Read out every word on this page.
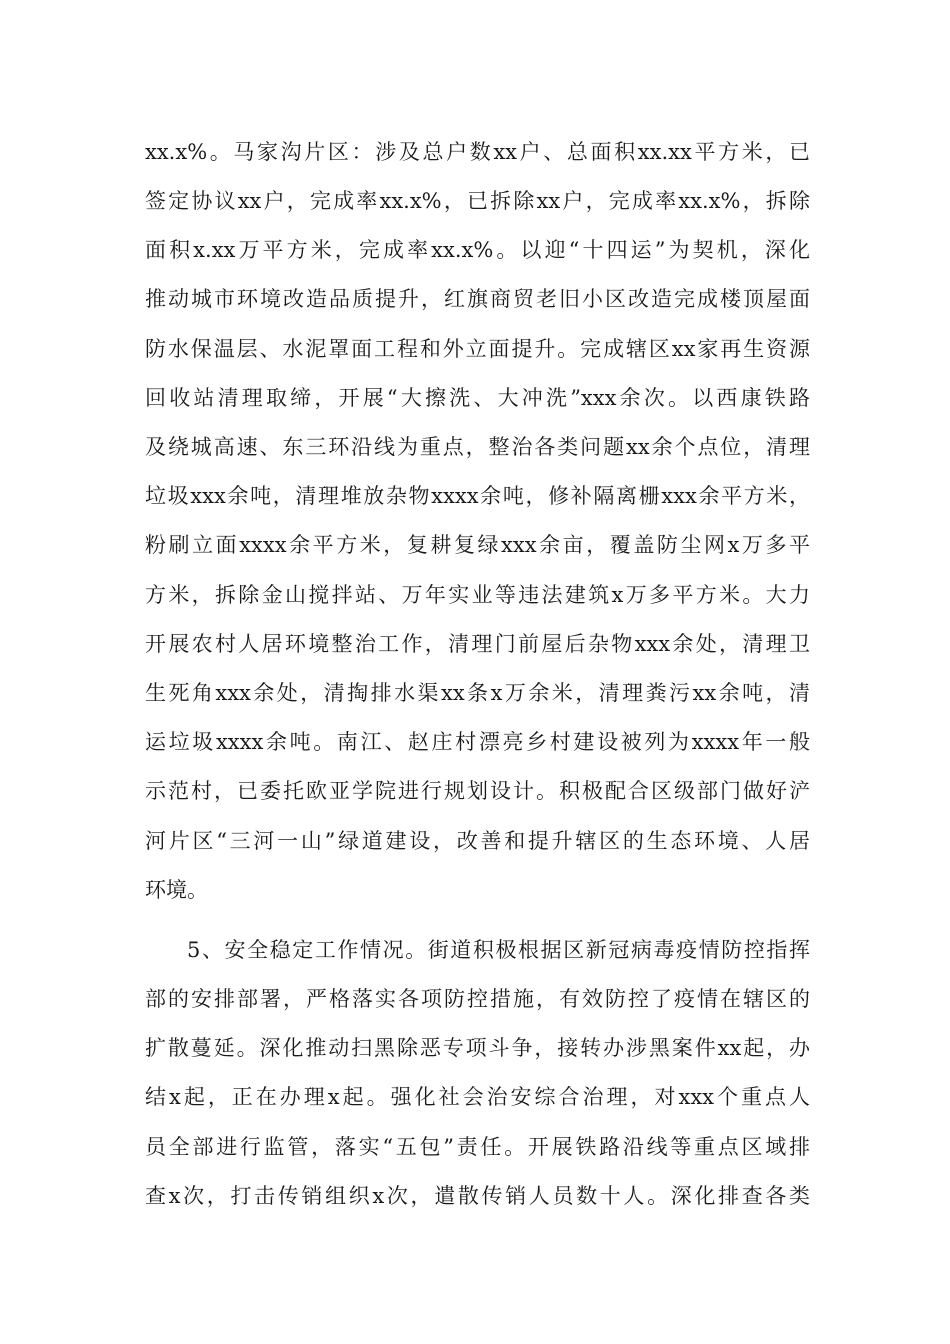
xx.x%。马家沟片区：涉及总户数xx户、总面积xx.xx平方米，已
签定协议xx户，完成率xx.x%，已拆除xx户，完成率xx.x%，拆除
面积x.xx万平方米，完成率xx.x%。以迎“十四运”为契机，深化
推动城市环境改造品质提升，红旗商贸老旧小区改造完成楼顶屋面
防水保温层、水泥罩面工程和外立面提升。完成辖区xx家再生资源
回收站清理取缔，开展“大擦洗、大冲洗”xxx余次。以西康铁路
及绕城高速、东三环沿线为重点，整治各类问题xx余个点位，清理
垃圾xxx余吨，清理堆放杂物xxxx余吨，修补隔离栅xxx余平方米，
粉刷立面xxxx余平方米，复耕复绿xxx余亩，覆盖防尘网x万多平
方米，拆除金山搅拌站、万年实业等违法建筑x万多平方米。大力
开展农村人居环境整治工作，清理门前屋后杂物xxx余处，清理卫
生死角xxx余处，清掏排水渠xx条x万余米，清理粪污xx余吨，清
运垃圾xxxx余吨。南江、赵庄村漂亮乡村建设被列为xxxx年一般
示范村，已委托欧亚学院进行规划设计。积极配合区级部门做好浐
河片区“三河一山”绿道建设，改善和提升辖区的生态环境、人居
环境。
5、安全稳定工作情况。街道积极根据区新冠病毒疫情防控指挥
部的安排部署，严格落实各项防控措施，有效防控了疫情在辖区的
扩散蔓延。深化推动扫黑除恶专项斗争，接转办涉黑案件xx起，办
结x起，正在办理x起。强化社会治安综合治理，对xxx个重点人
员全部进行监管，落实“五包”责任。开展铁路沿线等重点区域排
查x次，打击传销组织x次，遣散传销人员数十人。深化排查各类
